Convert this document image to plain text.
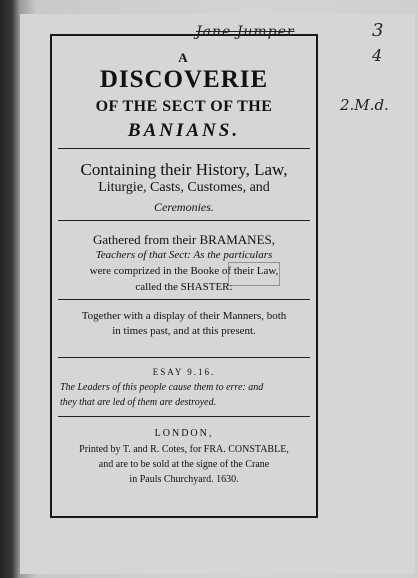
Jane Jumper	3
4
2.M.d.
A
DISCOVERIE
OF THE SECT OF THE
BANIANS.
Containing their History, Law,
Liturgie, Casts, Customes, and
Ceremonies.
Gathered from their BRAMANES,
Teachers of that Sect: As the particulars
were comprized in the Booke of their Law,
called the SHASTER:
Together with a display of their Manners, both
in times past, and at this present.
ESAY 9.16.
The Leaders of this people cause them to erre: and
they that are led of them are destroyed.
LONDON,
Printed by T. and R. Cotes, for FRA. CONSTABLE,
and are to be sold at the signe of the Crane
in Pauls Churchyard. 1630.
